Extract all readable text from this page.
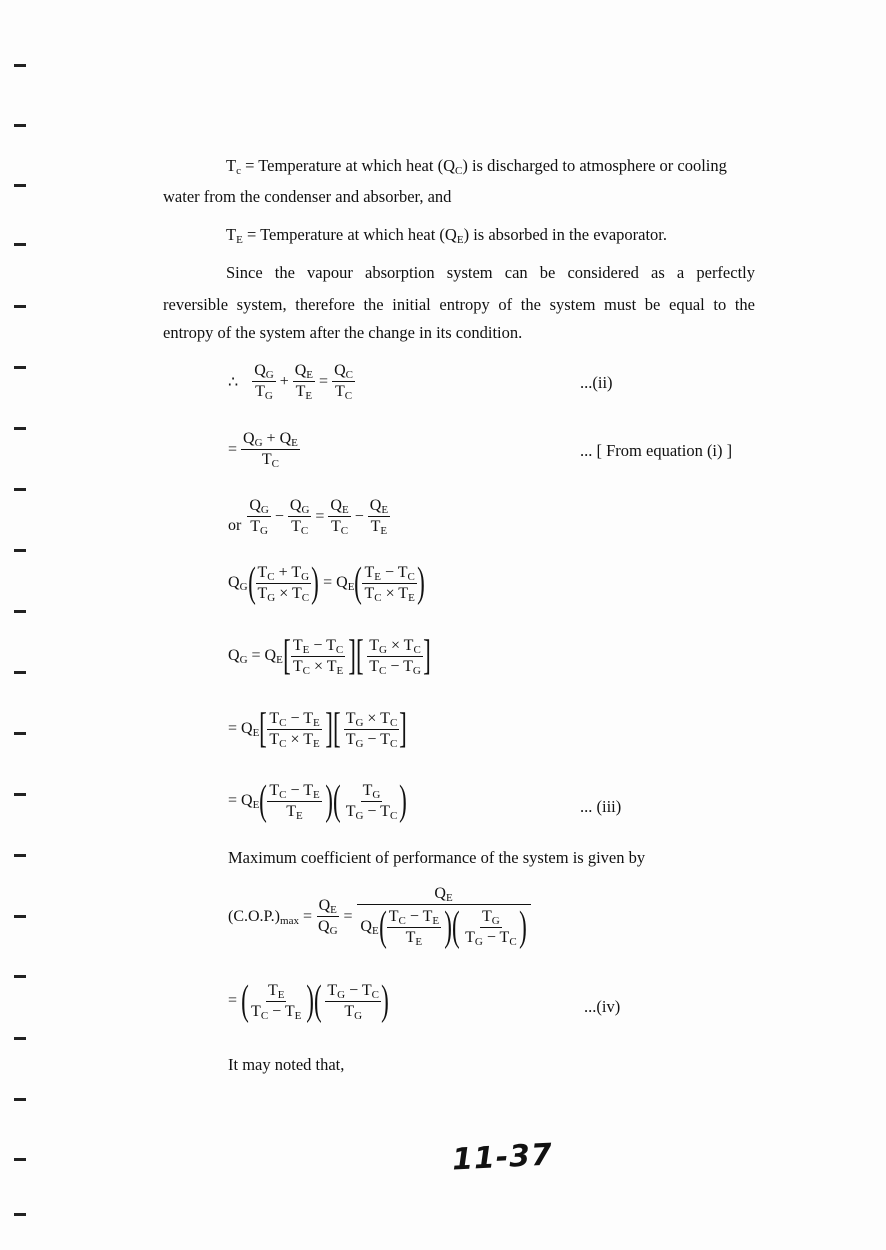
$T_c$ = Temperature at which heat $(Q_C)$ is discharged to atmosphere or cooling
water from the condenser and absorber, and
$T_E$ = Temperature at which heat $(Q_E)$ is absorbed in the evaporator.
Since the vapour absorption system can be considered as a perfectly
reversible system, therefore the initial entropy of the system must be equal to the
entropy of the system after the change in its condition.
∴ $\frac{Q_G}{T_G} + \frac{Q_E}{T_E} = \frac{Q_C}{T_C}$	...(ii)
= $\frac{Q_G + Q_E}{T_C}$	... [ From equation (i) ]
or $\frac{Q_G}{T_G} - \frac{Q_G}{T_C} = \frac{Q_E}{T_C} - \frac{Q_E}{T_E}$
$Q_G$ ( $\frac{T_C + T_G}{T_G \times T_C}$ ) = $Q_E$ ( $\frac{T_E - T_C}{T_C \times T_E}$ )
$Q_G = Q_E$ [ $\frac{T_E - T_C}{T_C \times T_E}$ ][ $\frac{T_G \times T_C}{T_C - T_G}$ ]
= $Q_E$ [ $\frac{T_C - T_E}{T_C \times T_E}$ ][ $\frac{T_G \times T_C}{T_G - T_C}$ ]
= $Q_E$ ( $\frac{T_C - T_E}{T_E}$ )( $\frac{T_G}{T_G - T_C}$ )	... (iii)
Maximum coefficient of performance of the system is given by
$(C.O.P.)_{max} = \frac{Q_E}{Q_G}$ =
$Q_E$
$Q_E$ ( $\frac{T_C - T_E}{T_E}$ )( $\frac{T_G}{T_G - T_C}$ )
= ( $\frac{T_E}{T_C - T_E}$ )( $\frac{T_G - T_C}{T_G}$ )	...(iv)
It may noted that,
11-37
